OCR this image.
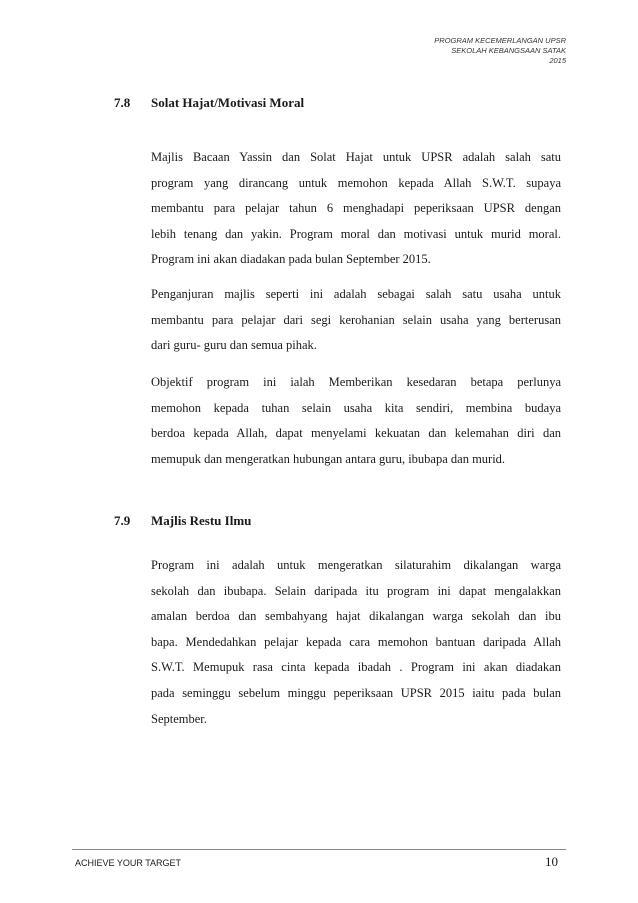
PROGRAM KECEMERLANGAN UPSR
SEKOLAH KEBANGSAAN SATAK
2015
7.8 Solat Hajat/Motivasi Moral
Majlis Bacaan Yassin dan Solat Hajat untuk UPSR adalah salah satu
program yang dirancang untuk memohon kepada Allah S.W.T. supaya
membantu para pelajar tahun 6 menghadapi peperiksaan UPSR dengan
lebih tenang dan yakin. Program moral dan motivasi untuk murid moral.
Program ini akan diadakan pada bulan September 2015.
Penganjuran majlis seperti ini adalah sebagai salah satu usaha untuk
membantu para pelajar dari segi kerohanian selain usaha yang berterusan
dari guru- guru dan semua pihak.
Objektif program ini ialah Memberikan kesedaran betapa perlunya
memohon kepada tuhan selain usaha kita sendiri, membina budaya
berdoa kepada Allah, dapat menyelami kekuatan dan kelemahan diri dan
memupuk dan mengeratkan hubungan antara guru, ibubapa dan murid.
7.9 Majlis Restu Ilmu
Program ini adalah untuk mengeratkan silaturahim dikalangan warga
sekolah dan ibubapa. Selain daripada itu program ini dapat mengalakkan
amalan berdoa dan sembahyang hajat dikalangan warga sekolah dan ibu
bapa. Mendedahkan pelajar kepada cara memohon bantuan daripada Allah
S.W.T. Memupuk rasa cinta kepada ibadah . Program ini akan diadakan
pada seminggu sebelum minggu peperiksaan UPSR 2015 iaitu pada bulan
September.
ACHIEVE YOUR TARGET	10
